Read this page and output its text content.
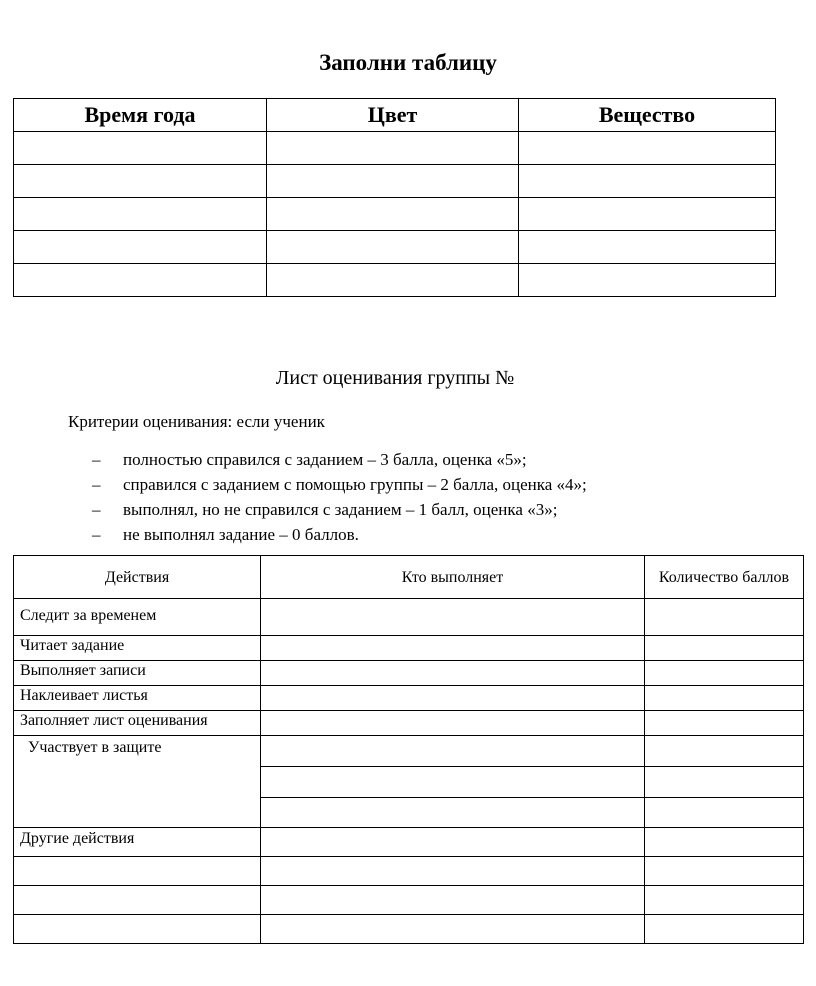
Заполни таблицу
Время года	Цвет	Вещество

Лист оценивания группы №
Критерии оценивания: если ученик
– полностью справился с заданием – 3 балла, оценка «5»;
– справился с заданием с помощью группы – 2 балла, оценка «4»;
– выполнял, но не справился с заданием – 1 балл, оценка «3»;
– не выполнял задание – 0 баллов.
Действия	Кто выполняет	Количество баллов
Следит за временем		
Читает задание		
Выполняет записи		
Наклеивает листья		
Заполняет лист оценивания		
Участвует в защите		

Другие действия		
